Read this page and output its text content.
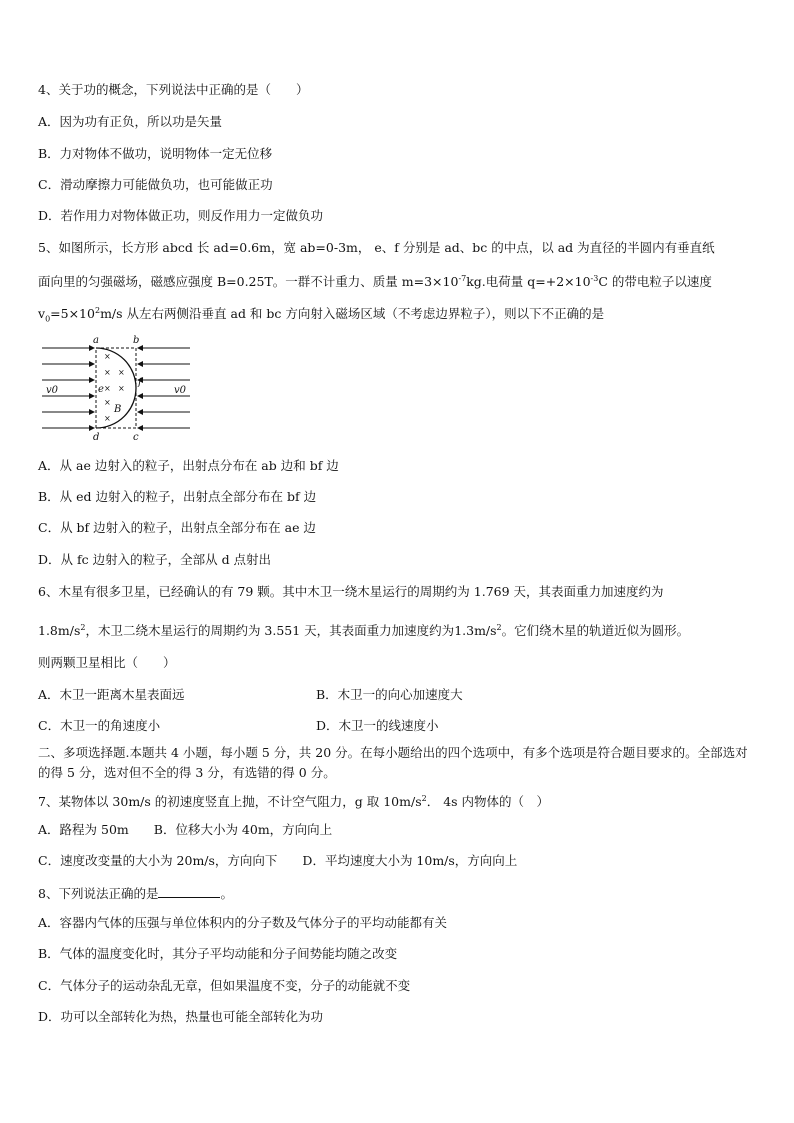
4、关于功的概念，下列说法中正确的是（　　）
A．因为功有正负，所以功是矢量
B．力对物体不做功，说明物体一定无位移
C．滑动摩擦力可能做负功，也可能做正功
D．若作用力对物体做正功，则反作用力一定做负功
5、如图所示，长方形 abcd 长 ad=0.6m，宽 ab=0-3m， e、f 分别是 ad、bc 的中点，以 ad 为直径的半圆内有垂直纸
面向里的匀强磁场，磁感应强度 B=0.25T。一群不计重力、质量 $m=3\times 10^{-7}kg$.电荷量 $q=+2\times 10^{-3}C$ 的带电粒子以速度
$v_0=5\times 10^2m/s$ 从左右两侧沿垂直 ad 和 bc 方向射入磁场区域（不考虑边界粒子），则以下不正确的是
×
× ×
× ×
×
×
a	b
d	c
e
f
B
v0	v0
A．从 ae 边射入的粒子，出射点分布在 ab 边和 bf 边
B．从 ed 边射入的粒子，出射点全部分布在 bf 边
C．从 bf 边射入的粒子，出射点全部分布在 ae 边
D．从 fc 边射入的粒子，全部从 d 点射出
6、木星有很多卫星，已经确认的有 79 颗。其中木卫一绕木星运行的周期约为 1.769 天，其表面重力加速度约为
$1.8m/s^2$，木卫二绕木星运行的周期约为 3.551 天，其表面重力加速度约为$1.3m/s^2$。它们绕木星的轨道近似为圆形。
则两颗卫星相比（　　）
A．木卫一距离木星表面远	B．木卫一的向心加速度大
C．木卫一的角速度小	D．木卫一的线速度小
二、多项选择题.本题共 4 小题，每小题 5 分，共 20 分。在每小题给出的四个选项中，有多个选项是符合题目要求的。全部选对的得 5 分，选对但不全的得 3 分，有选错的得 0 分。
7、某物体以 30m/s 的初速度竖直上抛，不计空气阻力，g 取 $10m/s^2$． 4s 内物体的（　）
A．路程为 50m　　B．位移大小为 40m，方向向上
C．速度改变量的大小为 20m/s，方向向下　　D．平均速度大小为 10m/s，方向向上
8、下列说法正确的是	。
A．容器内气体的压强与单位体积内的分子数及气体分子的平均动能都有关
B．气体的温度变化时，其分子平均动能和分子间势能均随之改变
C．气体分子的运动杂乱无章，但如果温度不变，分子的动能就不变
D．功可以全部转化为热，热量也可能全部转化为功
